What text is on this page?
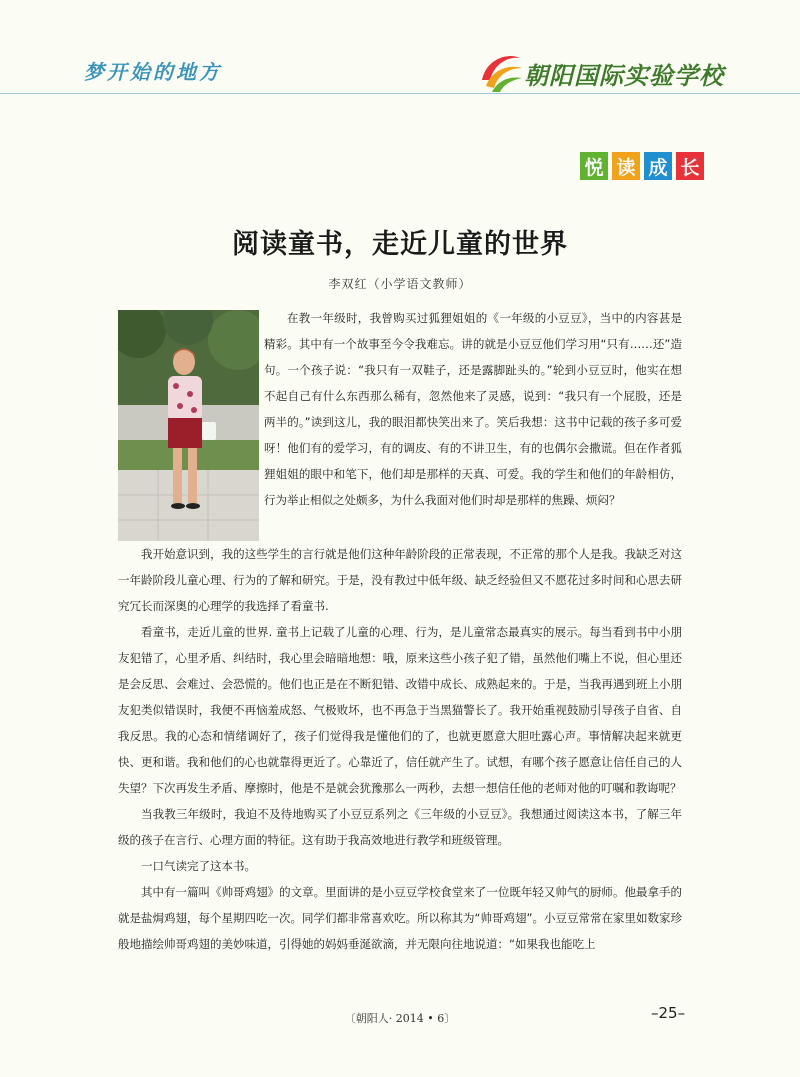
梦开始的地方	朝阳国际实验学校
悦 读 成 长
阅读童书，走近儿童的世界
李双红（小学语文教师）

在教一年级时，我曾购买过狐狸姐姐的《一年级的小豆豆》，当中的内容甚是精彩。其中有一个故事至今令我难忘。讲的就是小豆豆他们学习用“只有……还”造句。一个孩子说：“我只有一双鞋子，还是露脚趾头的。”轮到小豆豆时，他实在想不起自己有什么东西那么稀有，忽然他来了灵感，说到：“我只有一个屁股，还是两半的。”读到这儿，我的眼泪都快笑出来了。笑后我想：这书中记载的孩子多可爱呀！他们有的爱学习，有的调皮、有的不讲卫生，有的也偶尔会撒谎。但在作者狐狸姐姐的眼中和笔下，他们却是那样的天真、可爱。我的学生和他们的年龄相仿，行为举止相似之处颇多，为什么我面对他们时却是那样的焦躁、烦闷？

我开始意识到，我的这些学生的言行就是他们这种年龄阶段的正常表现，不正常的那个人是我。我缺乏对这一年龄阶段儿童心理、行为的了解和研究。于是，没有教过中低年级、缺乏经验但又不愿花过多时间和心思去研究冗长而深奥的心理学的我选择了看童书.

看童书，走近儿童的世界. 童书上记载了儿童的心理、行为，是儿童常态最真实的展示。每当看到书中小朋友犯错了，心里矛盾、纠结时，我心里会暗暗地想：哦，原来这些小孩子犯了错，虽然他们嘴上不说，但心里还是会反思、会难过、会恐慌的。他们也正是在不断犯错、改错中成长、成熟起来的。于是，当我再遇到班上小朋友犯类似错误时，我便不再恼羞成怒、气极败坏，也不再急于当黑猫警长了。我开始重视鼓励引导孩子自省、自我反思。我的心态和情绪调好了，孩子们觉得我是懂他们的了，也就更愿意大胆吐露心声。事情解决起来就更快、更和谐。我和他们的心也就靠得更近了。心靠近了，信任就产生了。试想，有哪个孩子愿意让信任自己的人失望？下次再发生矛盾、摩擦时，他是不是就会犹豫那么一两秒，去想一想信任他的老师对他的叮嘱和教诲呢？

当我教三年级时，我迫不及待地购买了小豆豆系列之《三年级的小豆豆》。我想通过阅读这本书，了解三年级的孩子在言行、心理方面的特征。这有助于我高效地进行教学和班级管理。

一口气读完了这本书。

其中有一篇叫《帅哥鸡翅》的文章。里面讲的是小豆豆学校食堂来了一位既年轻又帅气的厨师。他最拿手的就是盐焗鸡翅，每个星期四吃一次。同学们都非常喜欢吃。所以称其为“帅哥鸡翅”。小豆豆常常在家里如数家珍般地描绘帅哥鸡翅的美妙味道，引得她的妈妈垂涎欲滴，并无限向往地说道：“如果我也能吃上

〔朝阳人· 2014 • 6〕	–25–
